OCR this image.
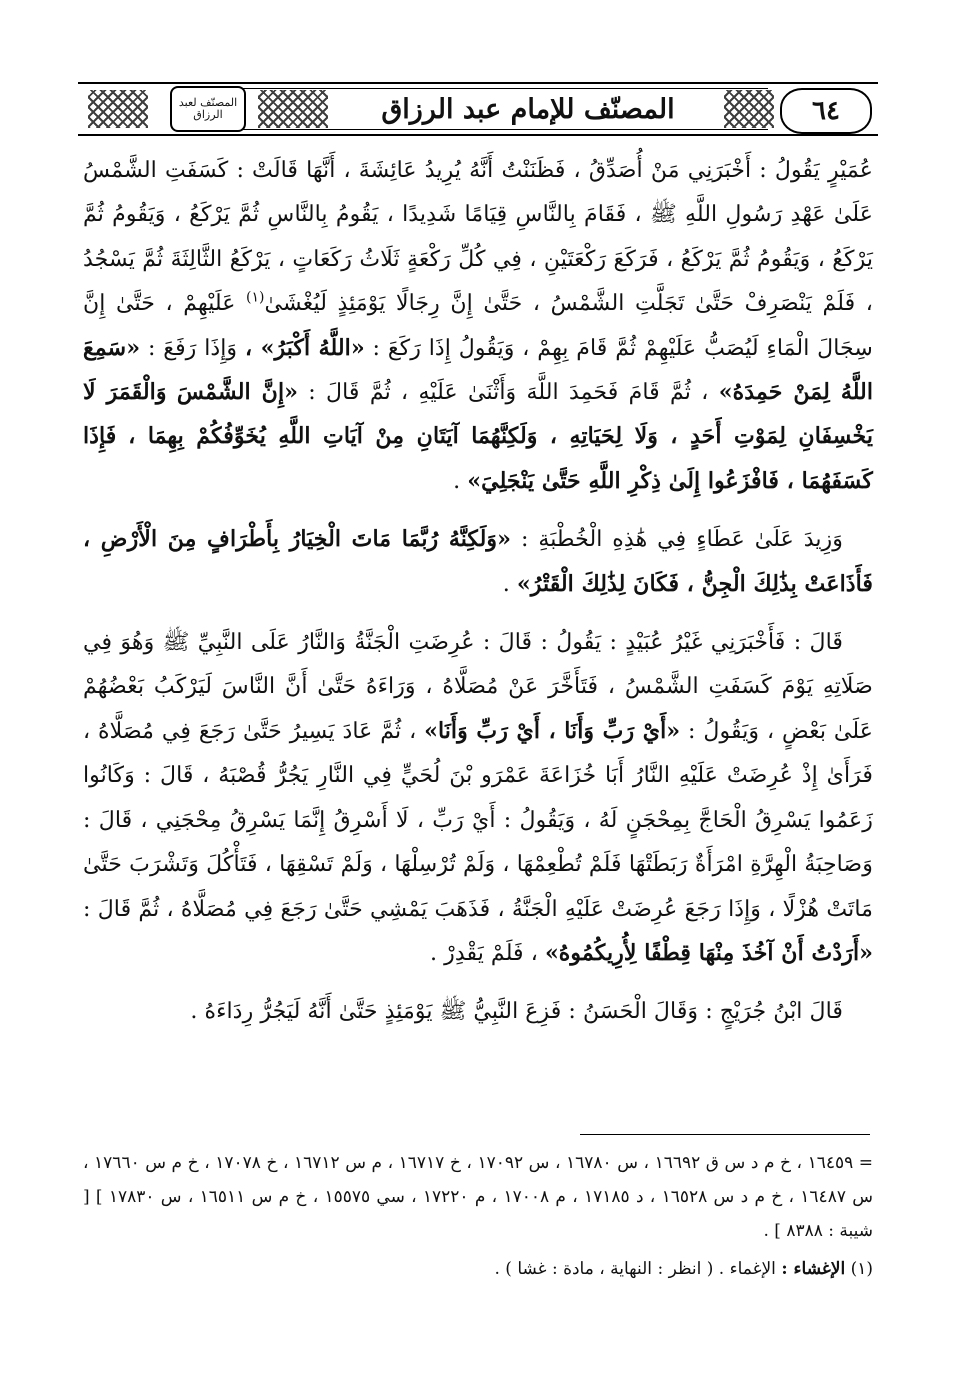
٦٤
المصنّف لعبد الرزاق	المصنّف للإمام عبد الرزاق

عُمَيْرٍ يَقُولُ : أَخْبَرَنِي مَنْ أُصَدِّقُ ، فَظَنَنْتُ أَنَّهُ يُرِيدُ عَائِشَةَ ، أَنَّهَا قَالَتْ : كَسَفَتِ الشَّمْسُ عَلَىٰ عَهْدِ رَسُولِ اللَّهِ ﷺ ، فَقَامَ بِالنَّاسِ قِيَامًا شَدِيدًا ، يَقُومُ بِالنَّاسِ ثُمَّ يَرْكَعُ ، وَيَقُومُ ثُمَّ يَرْكَعُ ، وَيَقُومُ ثُمَّ يَرْكَعُ ، فَرَكَعَ رَكْعَتَيْنِ ، فِي كُلِّ رَكْعَةٍ ثَلَاثُ رَكَعَاتٍ ، يَرْكَعُ الثَّالِثَةَ ثُمَّ يَسْجُدُ ، فَلَمْ يَنْصَرِفْ حَتَّىٰ تَجَلَّتِ الشَّمْسُ ، حَتَّىٰ إِنَّ رِجَالًا يَوْمَئِذٍ لَيُغْشَىٰ$^{(١)}$ عَلَيْهِمْ ، حَتَّىٰ إِنَّ سِجَالَ الْمَاءِ لَيُصَبُّ عَلَيْهِمْ ثُمَّ قَامَ بِهِمْ ، وَيَقُولُ إِذَا رَكَعَ : «اللَّهُ أَكْبَرُ» ، وَإِذَا رَفَعَ : «سَمِعَ اللَّهُ لِمَنْ حَمِدَهُ» ، ثُمَّ قَامَ فَحَمِدَ اللَّهَ وَأَثْنَىٰ عَلَيْهِ ، ثُمَّ قَالَ : «إِنَّ الشَّمْسَ وَالْقَمَرَ لَا يَخْسِفَانِ لِمَوْتِ أَحَدٍ ، وَلَا لِحَيَاتِهِ ، وَلَكِنَّهُمَا آيَتَانِ مِنْ آيَاتِ اللَّهِ يُخَوِّفُكُمْ بِهِمَا ، فَإِذَا كَسَفَهُمَا ، فَافْزَعُوا إِلَىٰ ذِكْرِ اللَّهِ حَتَّىٰ يَنْجَلِيَ» .

وَزِيدَ عَلَىٰ عَطَاءٍ فِي هَٰذِهِ الْخُطْبَةِ : «وَلَكِنَّهُ رُبَّمَا مَاتَ الْخِيَارُ بِأَطْرَافٍ مِنَ الْأَرْضِ ، فَأَذَاعَتْ بِذَٰلِكَ الْجِنُّ ، فَكَانَ لِذَٰلِكَ الْقَتْرُ» .

قَالَ : فَأَخْبَرَنِي غَيْرُ عُبَيْدٍ : يَقُولُ : قَالَ : عُرِضَتِ الْجَنَّةُ وَالنَّارُ عَلَى النَّبِيِّ ﷺ وَهُوَ فِي صَلَاتِهِ يَوْمَ كَسَفَتِ الشَّمْسُ ، فَتَأَخَّرَ عَنْ مُصَلَّاهُ ، وَرَاءَهُ حَتَّىٰ أَنَّ النَّاسَ لَيَرْكَبُ بَعْضُهُمْ عَلَىٰ بَعْضٍ ، وَيَقُولُ : «أَيْ رَبِّ وَأَنَا ، أَيْ رَبِّ وَأَنَا» ، ثُمَّ عَادَ يَسِيرُ حَتَّىٰ رَجَعَ فِي مُصَلَّاهُ ، فَرَأَىٰ إِذْ عُرِضَتْ عَلَيْهِ النَّارُ أَبَا خُزَاعَةَ عَمْرَو بْنَ لُحَيٍّ فِي النَّارِ يَجُرُّ قُصْبَهُ ، قَالَ : وَكَانُوا زَعَمُوا يَسْرِقُ الْحَاجَّ بِمِحْجَنٍ لَهُ ، وَيَقُولُ : أَيْ رَبِّ ، لَا أَسْرِقُ إِنَّمَا يَسْرِقُ مِحْجَنِي ، قَالَ : وَصَاحِبَةُ الْهِرَّةِ امْرَأَةٌ رَبَطَتْهَا فَلَمْ تُطْعِمْهَا ، وَلَمْ تُرْسِلْهَا ، وَلَمْ تَسْقِهَا ، فَتَأْكُلَ وَتَشْرَبَ حَتَّىٰ مَاتَتْ هُزْلًا ، وَإِذَا رَجَعَ عُرِضَتْ عَلَيْهِ الْجَنَّةُ ، فَذَهَبَ يَمْشِي حَتَّىٰ رَجَعَ فِي مُصَلَّاهُ ، ثُمَّ قَالَ : «أَرَدْتُ أَنْ آخُذَ مِنْهَا قِطْفًا لِأُرِيكُمُوهُ» ، فَلَمْ يَقْدِرْ .

قَالَ ابْنُ جُرَيْجٍ : وَقَالَ الْحَسَنُ : فَزِعَ النَّبِيُّ ﷺ يَوْمَئِذٍ حَتَّىٰ أَنَّهُ لَيَجُرُّ رِدَاءَهُ .

= ١٦٤٥٩ ، خ م د س ق ١٦٦٩٢ ، س ١٦٧٨٠ ، س ١٧٠٩٢ ، خ ١٦٧١٧ ، م س ١٦٧١٢ ، خ ١٧٠٧٨ ، خ م س ١٧٦٦٠ ، س ١٦٤٨٧ ، خ م د س ١٦٥٢٨ ، د ١٧١٨٥ ، م ١٧٠٠٨ ، م ١٧٢٢٠ ، سي ١٥٥٧٥ ، خ م س ١٦٥١١ ، س ١٧٨٣٠ ] [ شيبة : ٨٣٨٨ ] .

(١) الإغشاء : الإغماء . ( انظر : النهاية ، مادة : غشا ) .
